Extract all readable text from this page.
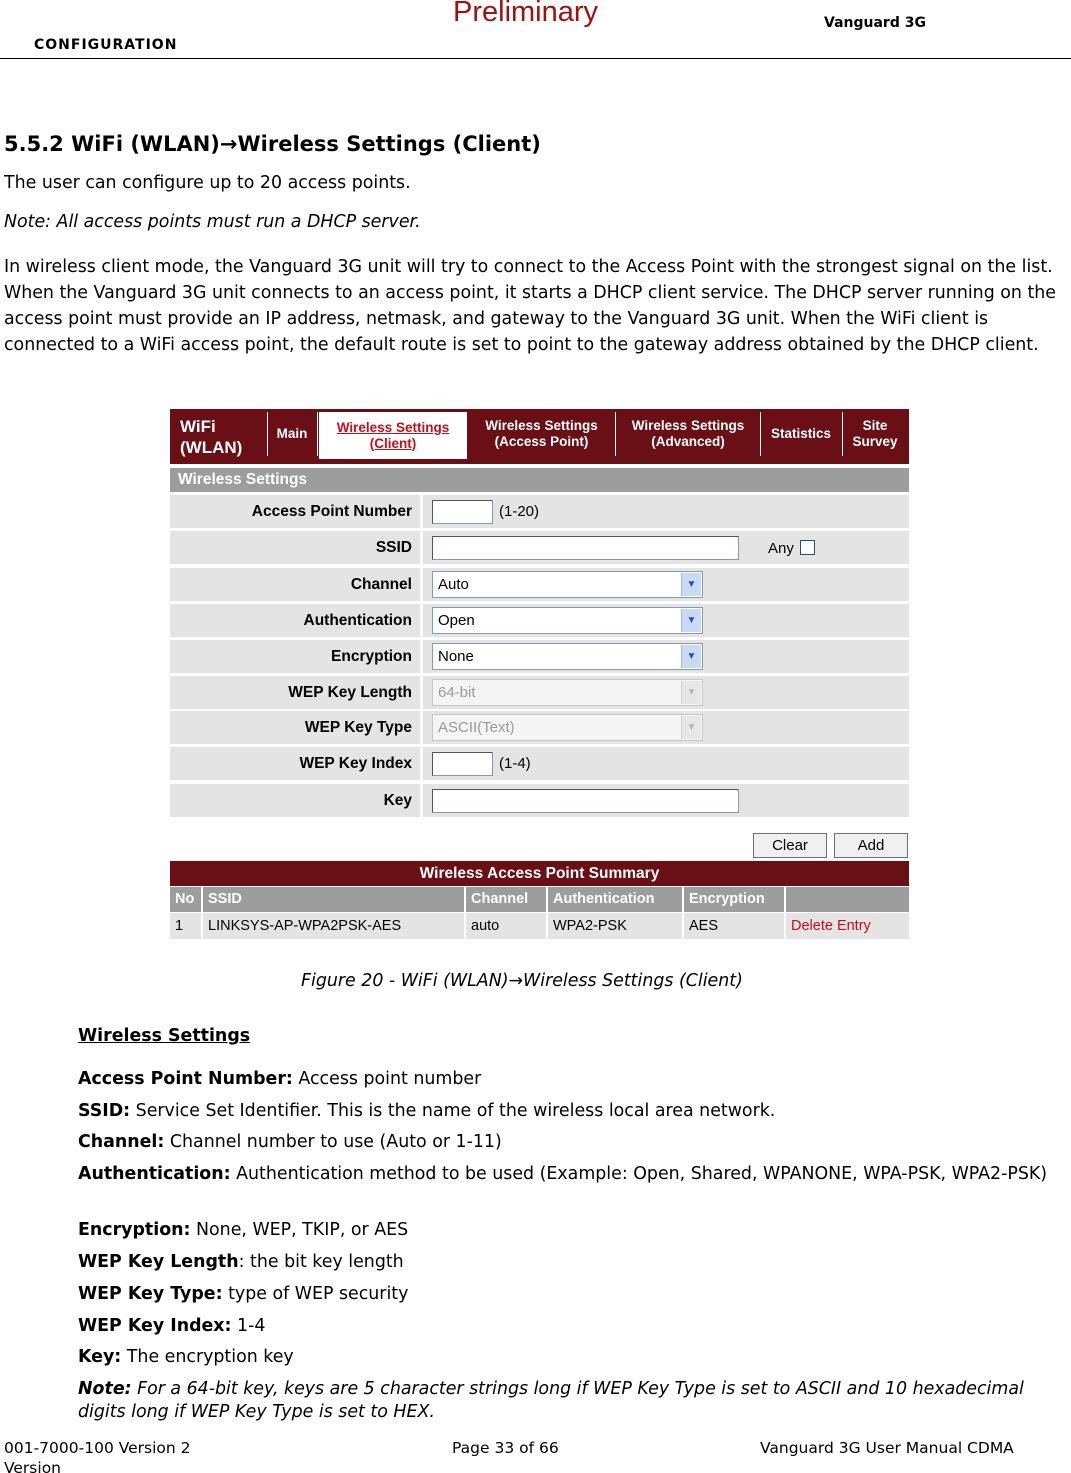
CONFIGURATION
Preliminary	Vanguard 3G
5.5.2 WiFi (WLAN)→Wireless Settings (Client)
The user can configure up to 20 access points.
Note: All access points must run a DHCP server.
In wireless client mode, the Vanguard 3G unit will try to connect to the Access Point with the strongest signal on the list. When the Vanguard 3G unit connects to an access point, it starts a DHCP client service. The DHCP server running on the access point must provide an IP address, netmask, and gateway to the Vanguard 3G unit. When the WiFi client is connected to a WiFi access point, the default route is set to point to the gateway address obtained by the DHCP client.
WiFi
(WLAN)
Main	Wireless Settings
(Client)
Wireless Settings
(Access Point)
Wireless Settings
(Advanced)
Statistics
Site
Survey
Wireless Settings
Access Point Number	(1-20)
SSID	Any
Channel	Auto	▼
Authentication	Open	▼
Encryption	None	▼
WEP Key Length	64-bit	▼
WEP Key Type	ASCII(Text)	▼
WEP Key Index	(1-4)
Key
Clear	Add
Wireless Access Point Summary
No SSID	Channel	Authentication	Encryption
1	LINKSYS-AP-WPA2PSK-AES	auto	WPA2-PSK	AES	Delete Entry
Figure 20 - WiFi (WLAN)→Wireless Settings (Client)
Wireless Settings
Access Point Number: Access point number
SSID: Service Set Identifier. This is the name of the wireless local area network.
Channel: Channel number to use (Auto or 1-11)
Authentication: Authentication method to be used (Example: Open, Shared, WPANONE, WPA-PSK, WPA2-PSK)
Encryption: None, WEP, TKIP, or AES
WEP Key Length: the bit key length
WEP Key Type: type of WEP security
WEP Key Index: 1-4
Key: The encryption key
Note: For a 64-bit key, keys are 5 character strings long if WEP Key Type is set to ASCII and 10 hexadecimal digits long if WEP Key Type is set to HEX.
001-7000-100 Version 2	Page 33 of 66	Vanguard 3G User Manual CDMA
Version
